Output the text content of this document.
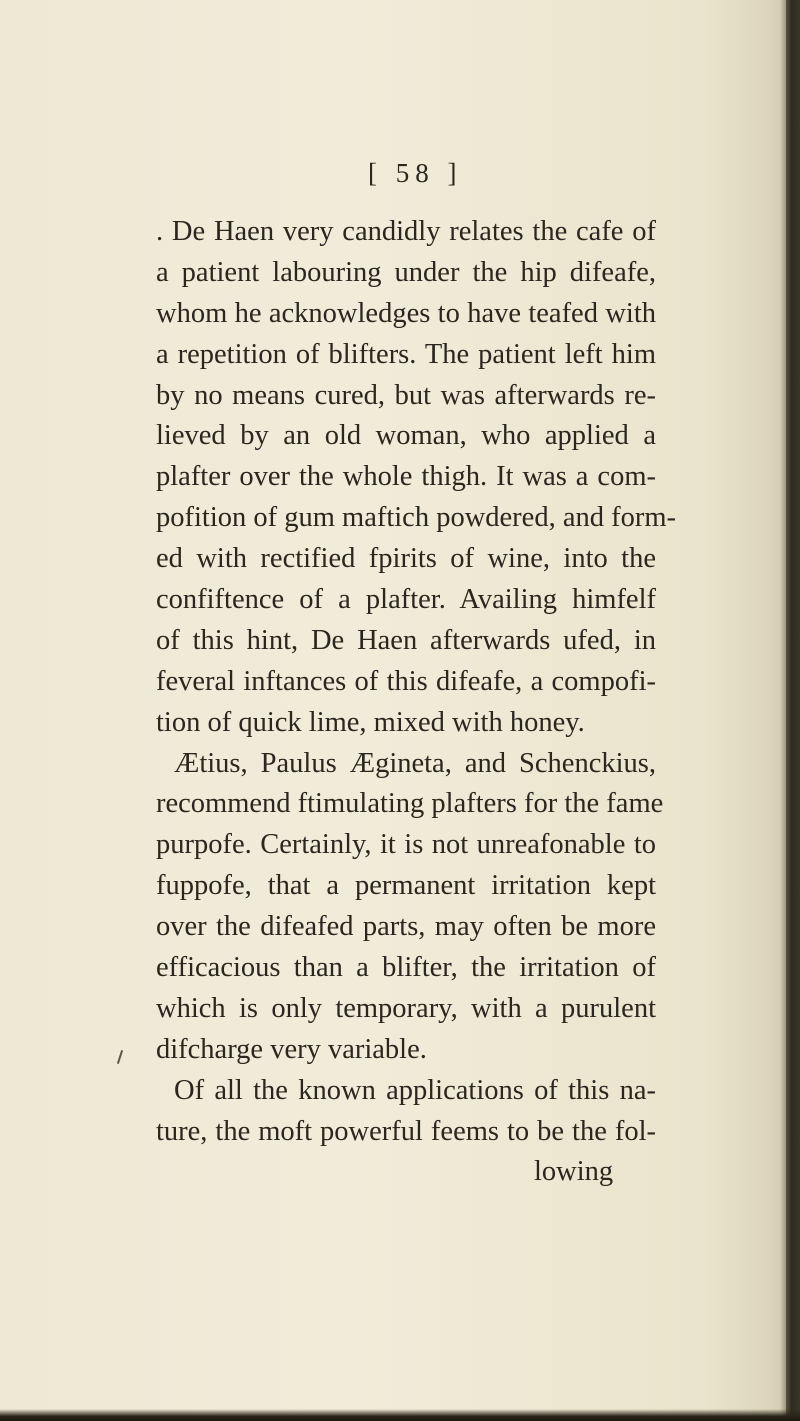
[ 58 ]

. De Haen very candidly relates the cafe of
a patient labouring under the hip difeafe,
whom he acknowledges to have teafed with
a repetition of blifters. The patient left him
by no means cured, but was afterwards re-
lieved by an old woman, who applied a
plafter over the whole thigh. It was a com-
pofition of gum maftich powdered, and form-
ed with rectified fpirits of wine, into the
confiftence of a plafter. Availing himfelf
of this hint, De Haen afterwards ufed, in
feveral inftances of this difeafe, a compofi-
tion of quick lime, mixed with honey.
Ætius, Paulus Ægineta, and Schenckius,
recommend ftimulating plafters for the fame
purpofe. Certainly, it is not unreafonable to
fuppofe, that a permanent irritation kept
over the difeafed parts, may often be more
efficacious than a blifter, the irritation of
which is only temporary, with a purulent
difcharge very variable.
Of all the known applications of this na-
ture, the moft powerful feems to be the fol-
lowing
